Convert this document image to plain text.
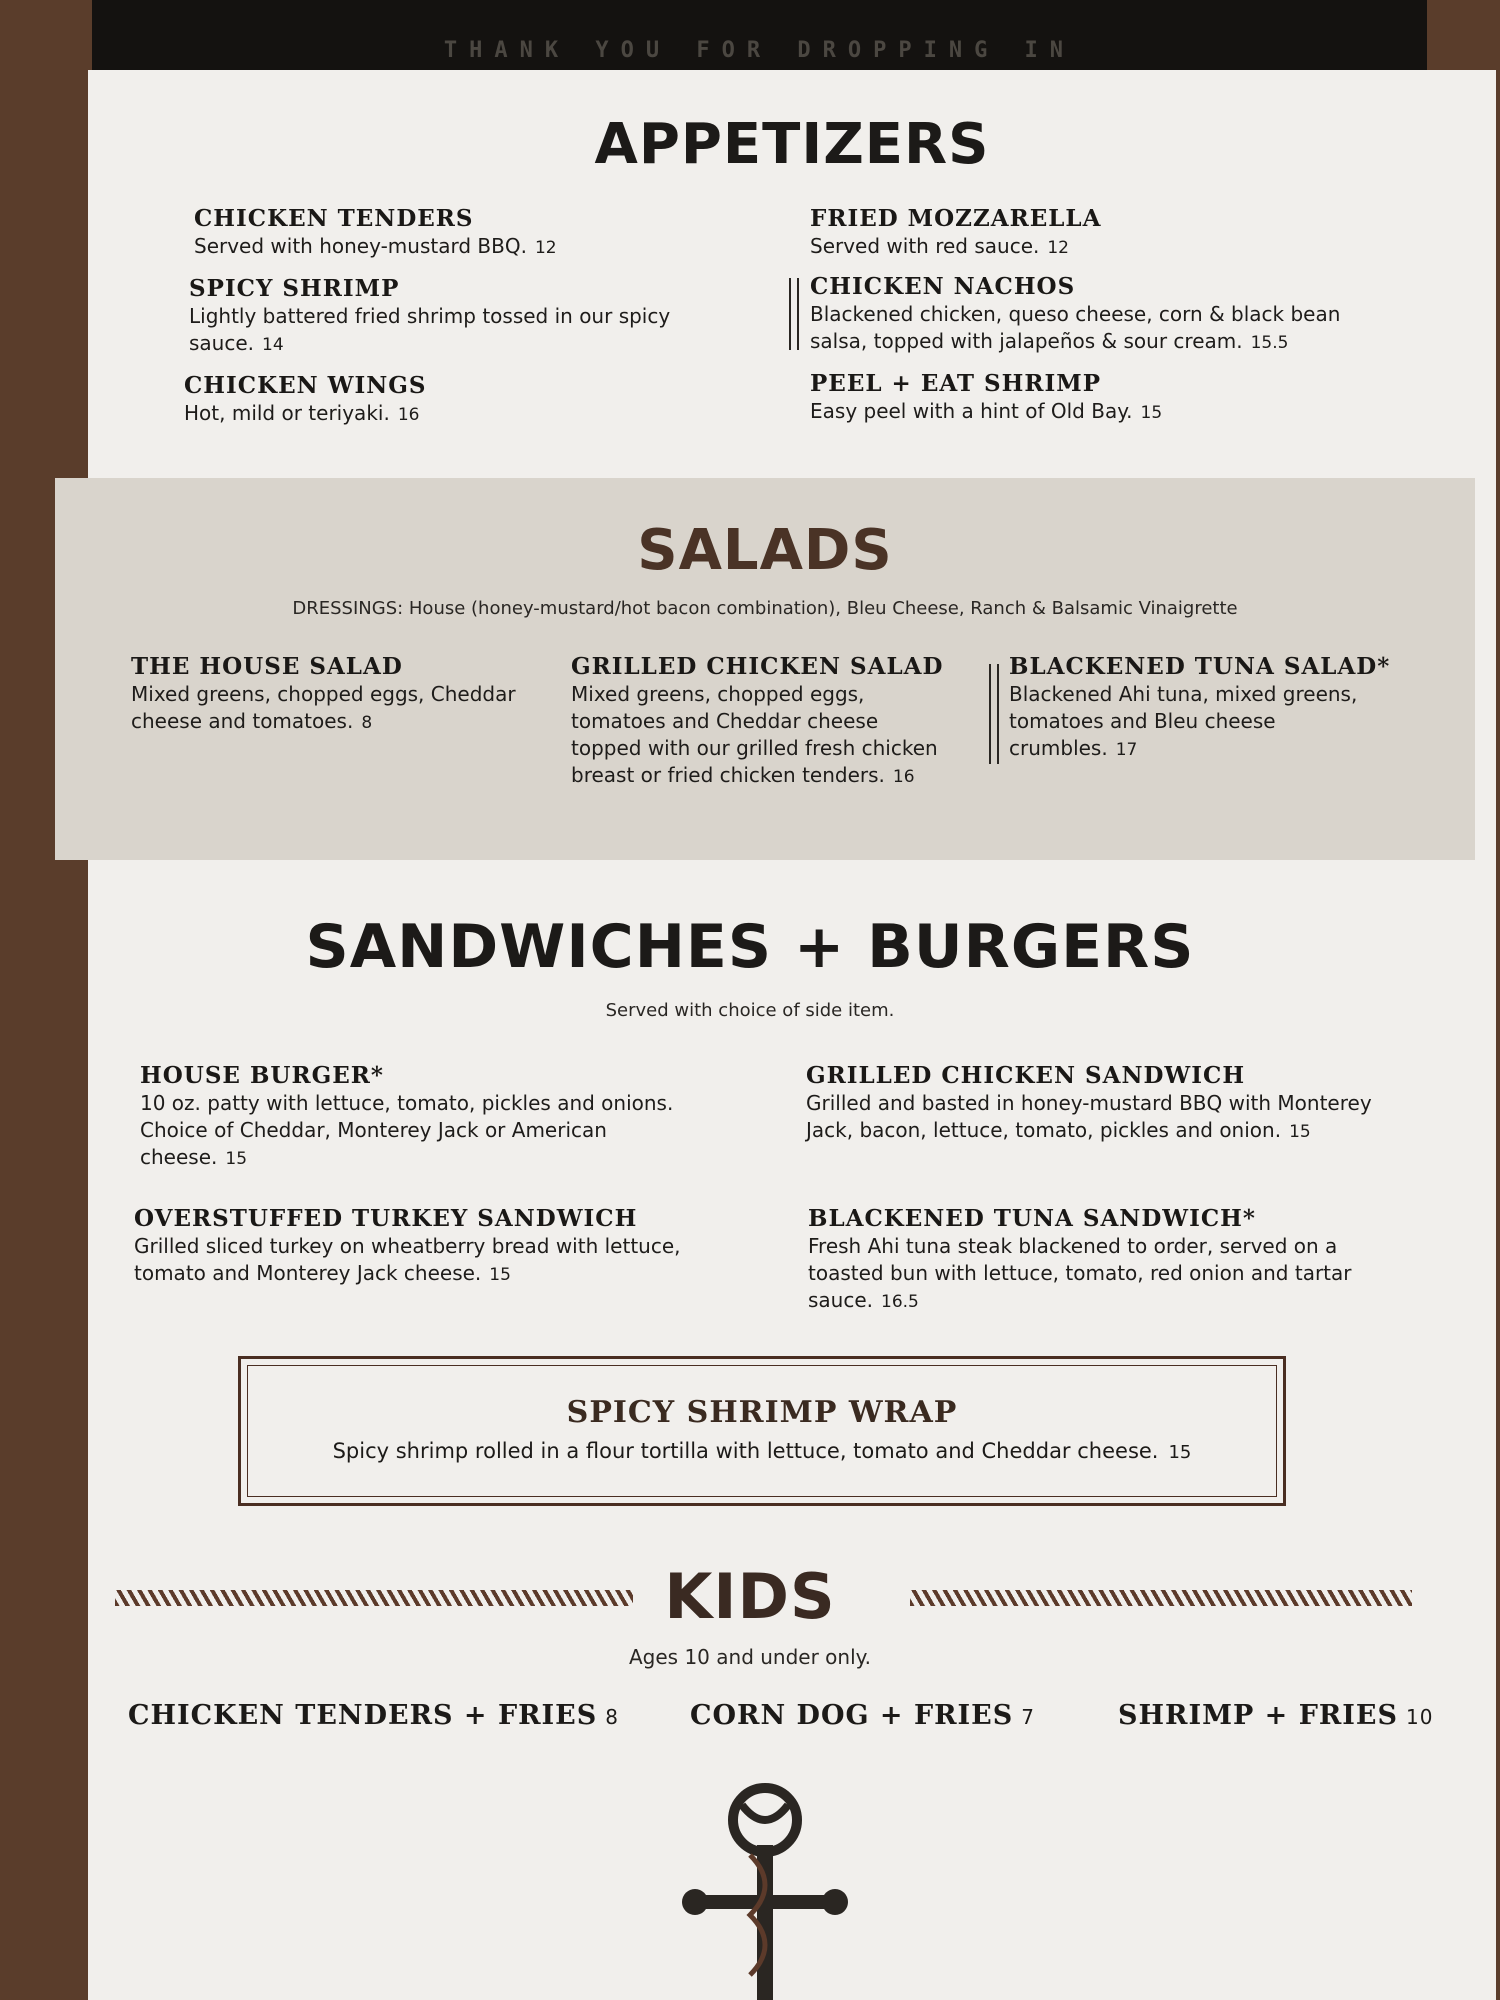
THANK YOU FOR DROPPING IN
APPETIZERS
CHICKEN TENDERS
Served with honey-mustard BBQ. 12
SPICY SHRIMP
Lightly battered fried shrimp tossed in our spicy sauce. 14
CHICKEN WINGS
Hot, mild or teriyaki. 16
FRIED MOZZARELLA
Served with red sauce. 12
CHICKEN NACHOS
Blackened chicken, queso cheese, corn & black bean salsa, topped with jalapeños & sour cream. 15.5
PEEL + EAT SHRIMP
Easy peel with a hint of Old Bay. 15
SALADS
DRESSINGS: House (honey-mustard/hot bacon combination), Bleu Cheese, Ranch & Balsamic Vinaigrette
THE HOUSE SALAD
Mixed greens, chopped eggs, Cheddar cheese and tomatoes. 8
GRILLED CHICKEN SALAD
Mixed greens, chopped eggs, tomatoes and Cheddar cheese topped with our grilled fresh chicken breast or fried chicken tenders. 16
BLACKENED TUNA SALAD*
Blackened Ahi tuna, mixed greens, tomatoes and Bleu cheese crumbles. 17
SANDWICHES + BURGERS
Served with choice of side item.
HOUSE BURGER*
10 oz. patty with lettuce, tomato, pickles and onions. Choice of Cheddar, Monterey Jack or American cheese. 15
OVERSTUFFED TURKEY SANDWICH
Grilled sliced turkey on wheatberry bread with lettuce, tomato and Monterey Jack cheese. 15
GRILLED CHICKEN SANDWICH
Grilled and basted in honey-mustard BBQ with Monterey Jack, bacon, lettuce, tomato, pickles and onion. 15
BLACKENED TUNA SANDWICH*
Fresh Ahi tuna steak blackened to order, served on a toasted bun with lettuce, tomato, red onion and tartar sauce. 16.5
SPICY SHRIMP WRAP
Spicy shrimp rolled in a flour tortilla with lettuce, tomato and Cheddar cheese. 15
KIDS
Ages 10 and under only.
CHICKEN TENDERS + FRIES 8	CORN DOG + FRIES 7	SHRIMP + FRIES 10
